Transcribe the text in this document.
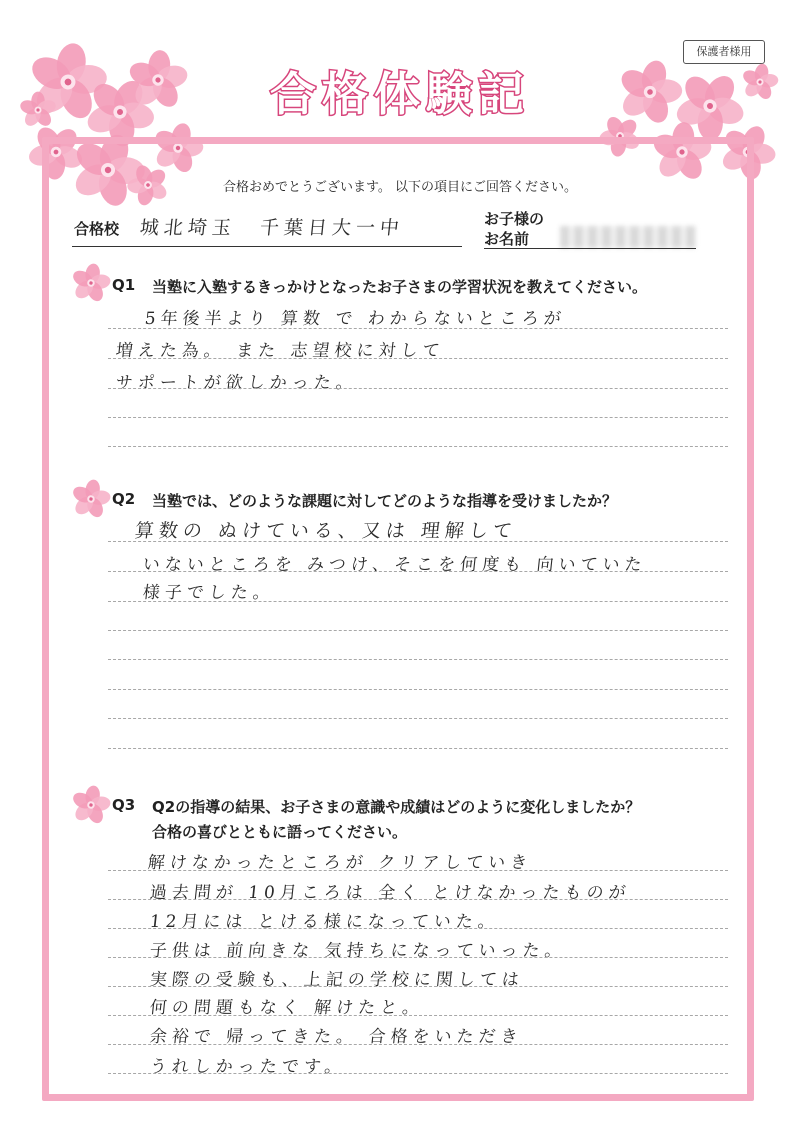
保護者様用
合格体験記
合格おめでとうございます。 以下の項目にご回答ください。
合格校 城北埼玉　千葉日大一中	お子様の
お名前
Q1 当塾に入塾するきっかけとなったお子さまの学習状況を教えてください。
5年後半より 算数 で わからないところが
増えた為。 また 志望校に対して
サポートが欲しかった。
Q2 当塾では、どのような課題に対してどのような指導を受けましたか？
算数の ぬけている、又は 理解して
いないところを みつけ、そこを何度も 向いていた
様子でした。
Q3 Q2の指導の結果、お子さまの意識や成績はどのように変化しましたか？
合格の喜びとともに語ってください。
解けなかったところが クリアしていき
過去問が 10月ころは 全く とけなかったものが
12月には とける様になっていた。
子供は 前向きな 気持ちになっていった。
実際の受験も、上記の学校に関しては
何の問題もなく 解けたと。
余裕で 帰ってきた。 合格をいただき
うれしかったです。
